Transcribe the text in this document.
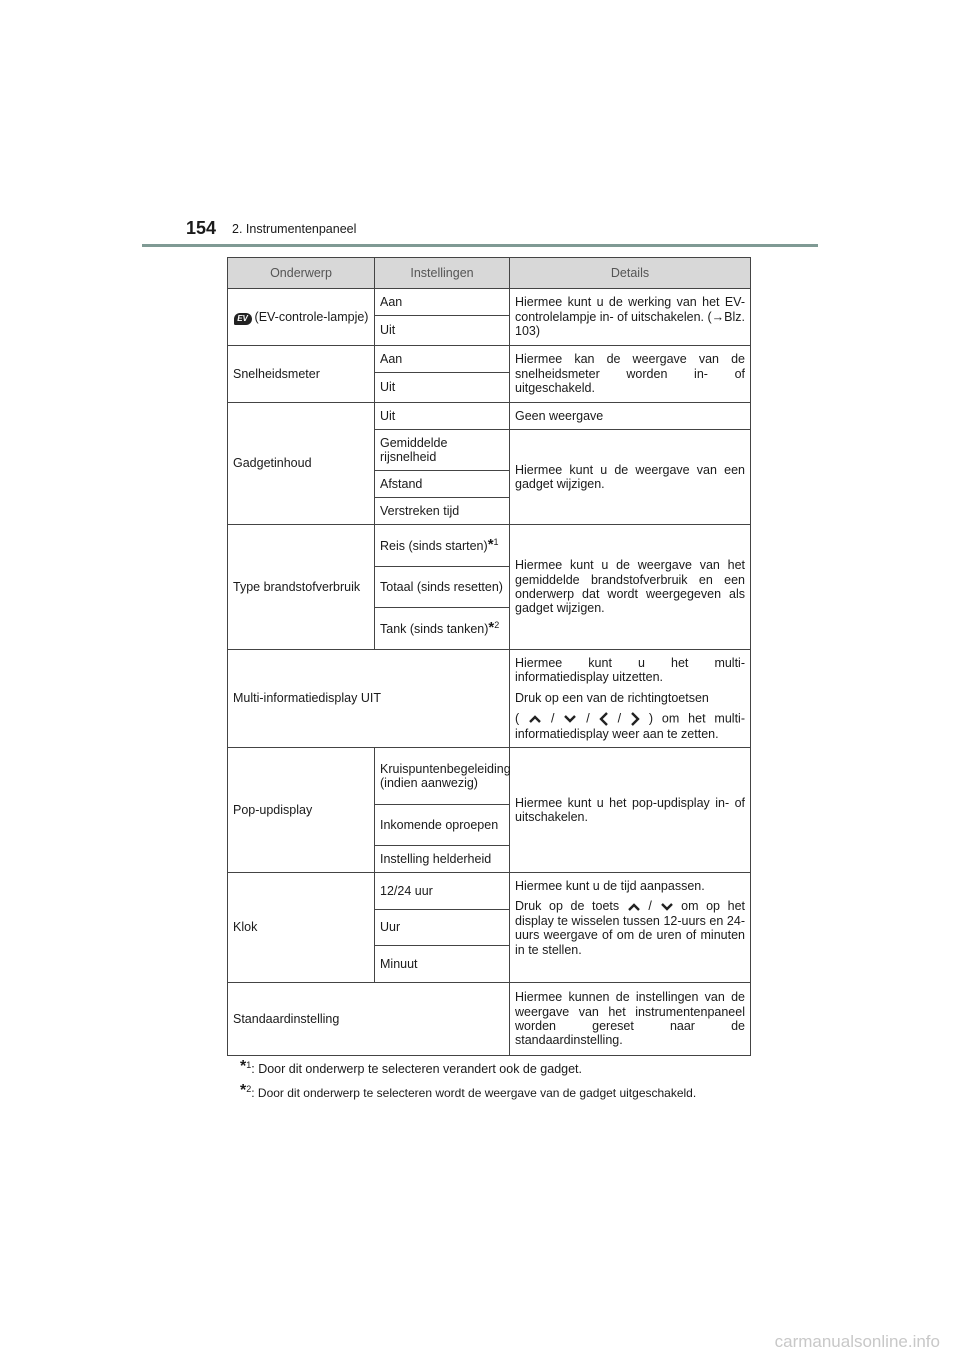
154 2. Instrumentenpaneel
Onderwerp	Instellingen	Details
EV (EV-controle-lampje)	Aan	Hiermee kunt u de werking van het EV-controlelampje in- of uitschakelen. (→Blz. 103)
	Uit	
Snelheidsmeter	Aan	Hiermee kan de weergave van de snelheidsmeter worden in- of uitgeschakeld.
	Uit	
Gadgetinhoud	Uit	Geen weergave
	Gemiddelde rijsnelheid	Hiermee kunt u de weergave van een gadget wijzigen.
	Afstand	
	Verstreken tijd	
Type brandstofverbruik	Reis (sinds starten)*$^1$	Hiermee kunt u de weergave van het gemiddelde brandstofverbruik en een onderwerp dat wordt weergegeven als gadget wijzigen.
	Totaal (sinds resetten)	
	Tank (sinds tanken)*$^2$
Multi-informatiedisplay UIT		Hiermee kunt u het multi-informatiedisplay uitzetten.
Druk op een van de richtingtoetsen
(  / / /  ) om het multi-informatiedisplay weer aan te zetten.

Pop-updisplay	Kruispuntenbegeleiding (indien aanwezig)	Hiermee kunt u het pop-updisplay in- of uitschakelen.
	Inkomende oproepen	
	Instelling helderheid	
Klok	12/24 uur	Hiermee kunt u de tijd aanpassen.
Druk op de toets / om op het display te wisselen tussen 12-uurs en 24-uurs weergave of om de uren of minuten in te stellen.

	Uur	
	Minuut	
Standaardinstelling		Hiermee kunnen de instellingen van de weergave van het instrumentenpaneel worden gereset naar de standaardinstelling.
*$^1$: Door dit onderwerp te selecteren verandert ook de gadget.
*$^2$: Door dit onderwerp te selecteren wordt de weergave van de gadget uitgeschakeld.
carmanualsonline.info
